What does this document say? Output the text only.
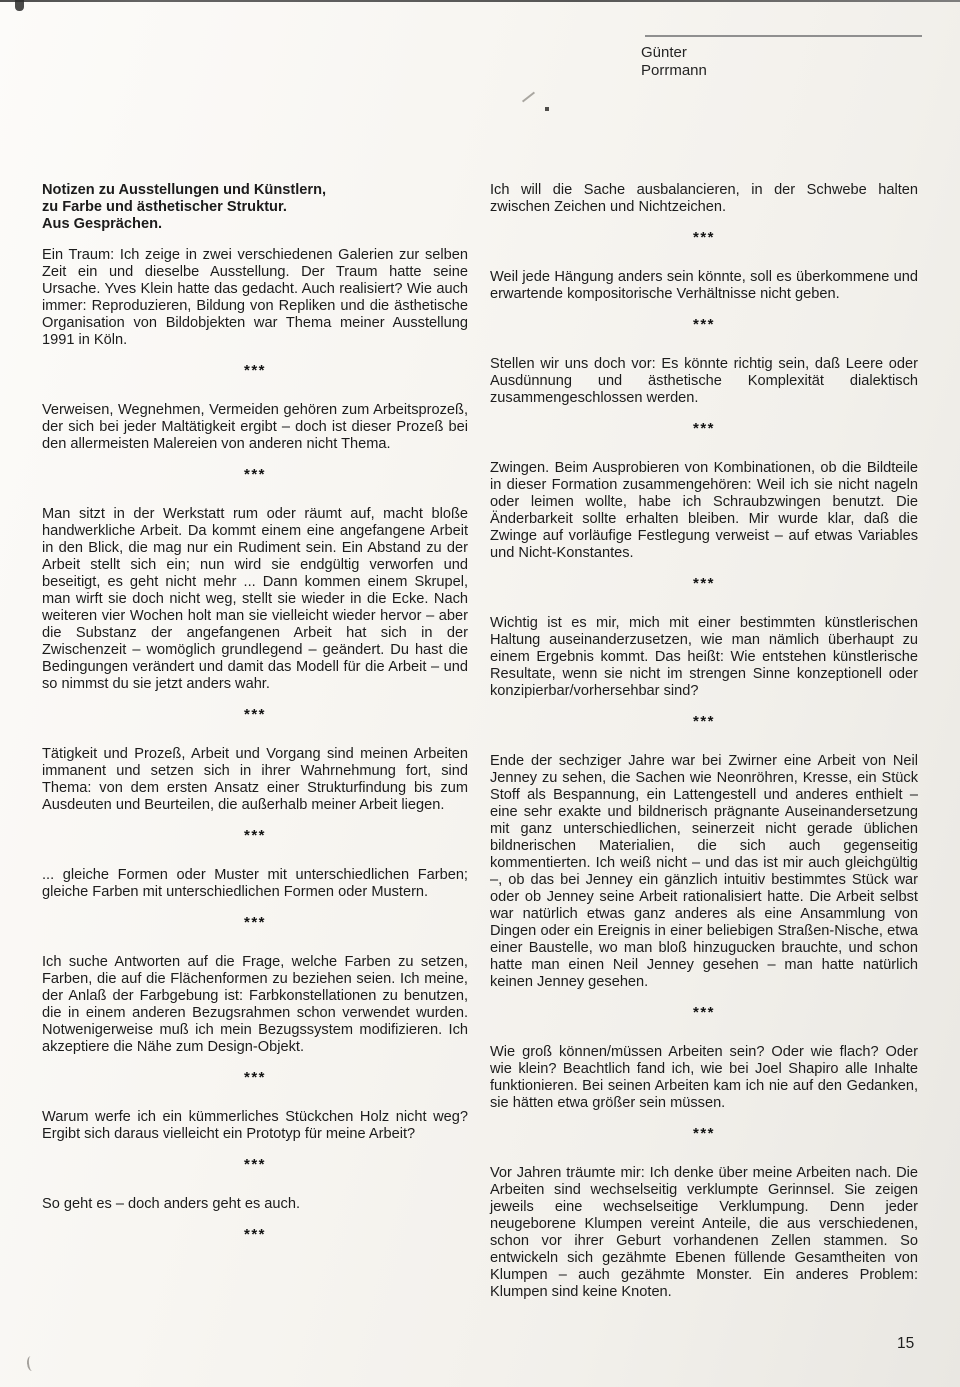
Günter
Porrmann
Notizen zu Ausstellungen und Künstlern,
zu Farbe und ästhetischer Struktur.
Aus Gesprächen.

Ein Traum: Ich zeige in zwei verschiedenen Galerien zur selben Zeit ein und dieselbe Ausstellung. Der Traum hatte seine Ursache. Yves Klein hatte das gedacht. Auch realisiert? Wie auch immer: Reproduzieren, Bildung von Repliken und die ästhetische Organisation von Bildobjekten war Thema meiner Ausstellung 1991 in Köln.

***

Verweisen, Wegnehmen, Vermeiden gehören zum Arbeitsprozeß, der sich bei jeder Maltätigkeit ergibt – doch ist dieser Prozeß bei den allermeisten Malereien von anderen nicht Thema.

***

Man sitzt in der Werkstatt rum oder räumt auf, macht bloße handwerkliche Arbeit. Da kommt einem eine angefangene Arbeit in den Blick, die mag nur ein Rudiment sein. Ein Abstand zu der Arbeit stellt sich ein; nun wird sie endgültig verworfen und beseitigt, es geht nicht mehr ... Dann kommen einem Skrupel, man wirft sie doch nicht weg, stellt sie wieder in die Ecke. Nach weiteren vier Wochen holt man sie vielleicht wieder hervor – aber die Substanz der angefangenen Arbeit hat sich in der Zwischenzeit – womöglich grundlegend – geändert. Du hast die Bedingungen verändert und damit das Modell für die Arbeit – und so nimmst du sie jetzt anders wahr.

***

Tätigkeit und Prozeß, Arbeit und Vorgang sind meinen Arbeiten immanent und setzen sich in ihrer Wahrnehmung fort, sind Thema: von dem ersten Ansatz einer Strukturfindung bis zum Ausdeuten und Beurteilen, die außerhalb meiner Arbeit liegen.

***

... gleiche Formen oder Muster mit unterschiedlichen Farben; gleiche Farben mit unterschiedlichen Formen oder Mustern.

***

Ich suche Antworten auf die Frage, welche Farben zu setzen, Farben, die auf die Flächenformen zu beziehen seien. Ich meine, der Anlaß der Farbgebung ist: Farbkonstellationen zu benutzen, die in einem anderen Bezugsrahmen schon verwendet wurden. Notwenigerweise muß ich mein Bezugssystem modifizieren. Ich akzeptiere die Nähe zum Design-Objekt.

***

Warum werfe ich ein kümmerliches Stückchen Holz nicht weg? Ergibt sich daraus vielleicht ein Prototyp für meine Arbeit?

***

So geht es – doch anders geht es auch.

***

Ich will die Sache ausbalancieren, in der Schwebe halten zwischen Zeichen und Nichtzeichen.

***

Weil jede Hängung anders sein könnte, soll es überkommene und erwartende kompositorische Verhältnisse nicht geben.

***

Stellen wir uns doch vor: Es könnte richtig sein, daß Leere oder Ausdünnung und ästhetische Komplexität dialektisch zusammengeschlossen werden.

***

Zwingen. Beim Ausprobieren von Kombinationen, ob die Bildteile in dieser Formation zusammengehören: Weil ich sie nicht nageln oder leimen wollte, habe ich Schraubzwingen benutzt. Die Änderbarkeit sollte erhalten bleiben. Mir wurde klar, daß die Zwinge auf vorläufige Festlegung verweist – auf etwas Variables und Nicht-Konstantes.

***

Wichtig ist es mir, mich mit einer bestimmten künstlerischen Haltung auseinanderzusetzen, wie man nämlich überhaupt zu einem Ergebnis kommt. Das heißt: Wie entstehen künstlerische Resultate, wenn sie nicht im strengen Sinne konzeptionell oder konzipierbar/vorhersehbar sind?

***

Ende der sechziger Jahre war bei Zwirner eine Arbeit von Neil Jenney zu sehen, die Sachen wie Neonröhren, Kresse, ein Stück Stoff als Bespannung, ein Lattengestell und anderes enthielt – eine sehr exakte und bildnerisch prägnante Auseinandersetzung mit ganz unterschiedlichen, seinerzeit nicht gerade üblichen bildnerischen Materialien, die sich auch gegenseitig kommentierten. Ich weiß nicht – und das ist mir auch gleichgültig –, ob das bei Jenney ein gänzlich intuitiv bestimmtes Stück war oder ob Jenney seine Arbeit rationalisiert hatte. Die Arbeit selbst war natürlich etwas ganz anderes als eine Ansammlung von Dingen oder ein Ereignis in einer beliebigen Straßen-Nische, etwa einer Baustelle, wo man bloß hinzugucken brauchte, und schon hatte man einen Neil Jenney gesehen – man hatte natürlich keinen Jenney gesehen.

***

Wie groß können/müssen Arbeiten sein? Oder wie flach? Oder wie klein? Beachtlich fand ich, wie bei Joel Shapiro alle Inhalte funktionieren. Bei seinen Arbeiten kam ich nie auf den Gedanken, sie hätten etwa größer sein müssen.

***

Vor Jahren träumte mir: Ich denke über meine Arbeiten nach. Die Arbeiten sind wechselseitig verklumpte Gerinnsel. Sie zeigen jeweils eine wechselseitige Verklumpung. Denn jeder neugeborene Klumpen vereint Anteile, die aus verschiedenen, schon vor ihrer Geburt vorhandenen Zellen stammen. So entwickeln sich gezähmte Ebenen füllende Gesamtheiten von Klumpen – auch gezähmte Monster. Ein anderes Problem: Klumpen sind keine Knoten.

15
